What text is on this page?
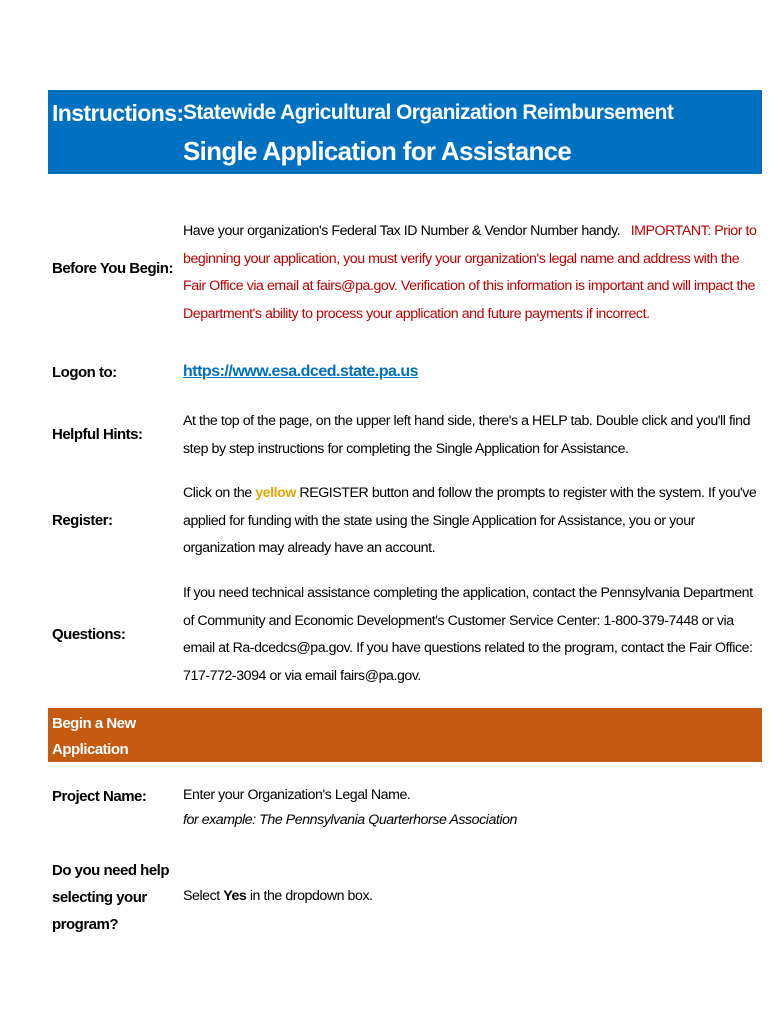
Instructions: Statewide Agricultural Organization Reimbursement
Single Application for Assistance
Before You Begin:
Have your organization's Federal Tax ID Number & Vendor Number handy. IMPORTANT: Prior to beginning your application, you must verify your organization's legal name and address with the Fair Office via email at fairs@pa.gov. Verification of this information is important and will impact the Department's ability to process your application and future payments if incorrect.
Logon to:	https://www.esa.dced.state.pa.us
Helpful Hints:
At the top of the page, on the upper left hand side, there's a HELP tab. Double click and you'll find step by step instructions for completing the Single Application for Assistance.
Register:
Click on the yellow REGISTER button and follow the prompts to register with the system. If you've applied for funding with the state using the Single Application for Assistance, you or your organization may already have an account.
Questions:
If you need technical assistance completing the application, contact the Pennsylvania Department of Community and Economic Development's Customer Service Center: 1-800-379-7448 or via email at Ra-dcedcs@pa.gov. If you have questions related to the program, contact the Fair Office: 717-772-3094 or via email fairs@pa.gov.
Begin a New Application
Project Name:	Enter your Organization's Legal Name.
for example: The Pennsylvania Quarterhorse Association
Do you need help selecting your program?
Select Yes in the dropdown box.
